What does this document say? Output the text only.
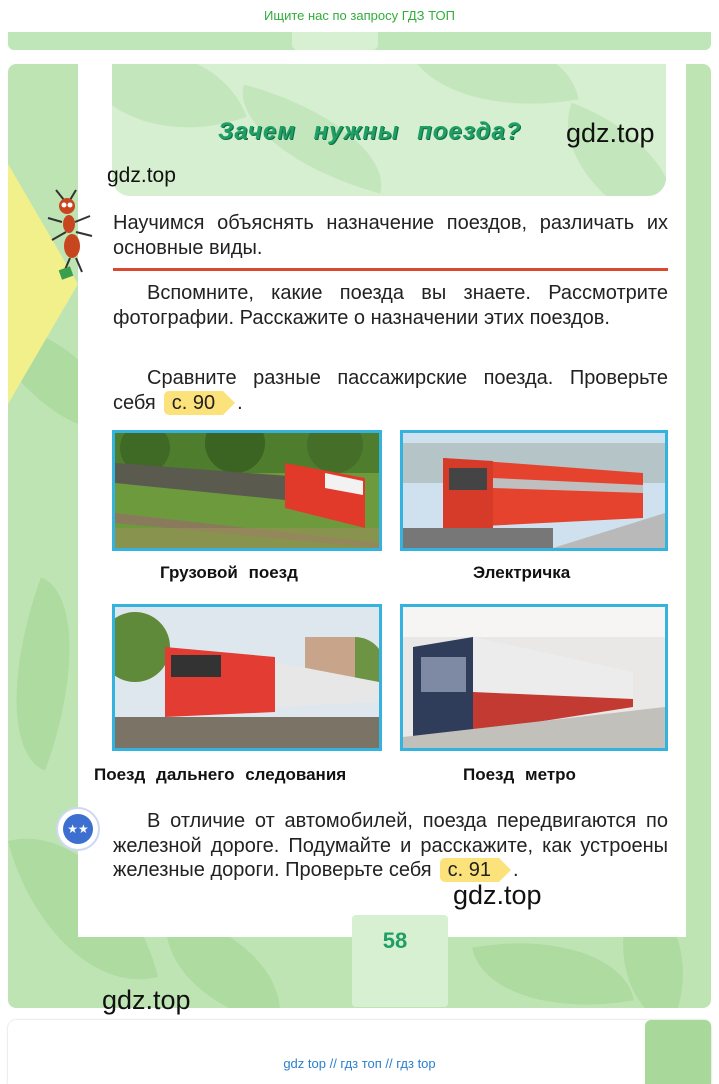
Ищите нас по запросу ГДЗ ТОП
Зачем нужны поезда? gdz.top
gdz.top
Научимся объяснять назначение поездов, различать их основные виды.
Вспомните, какие поезда вы знаете. Рассмотрите фотографии. Расскажите о назначении этих поездов.
Сравните разные пассажирские поезда. Проверьте себя с. 90 .
Грузовой поезд	Электричка
Поезд дальнего следования	Поезд метро
★★	В отличие от автомобилей, поезда передвигаются по железной дороге. Подумайте и расскажите, как устроены железные дороги. Проверьте себя с. 91 .
gdz.top
58
gdz.top
gdz top // гдз топ // гдз top
